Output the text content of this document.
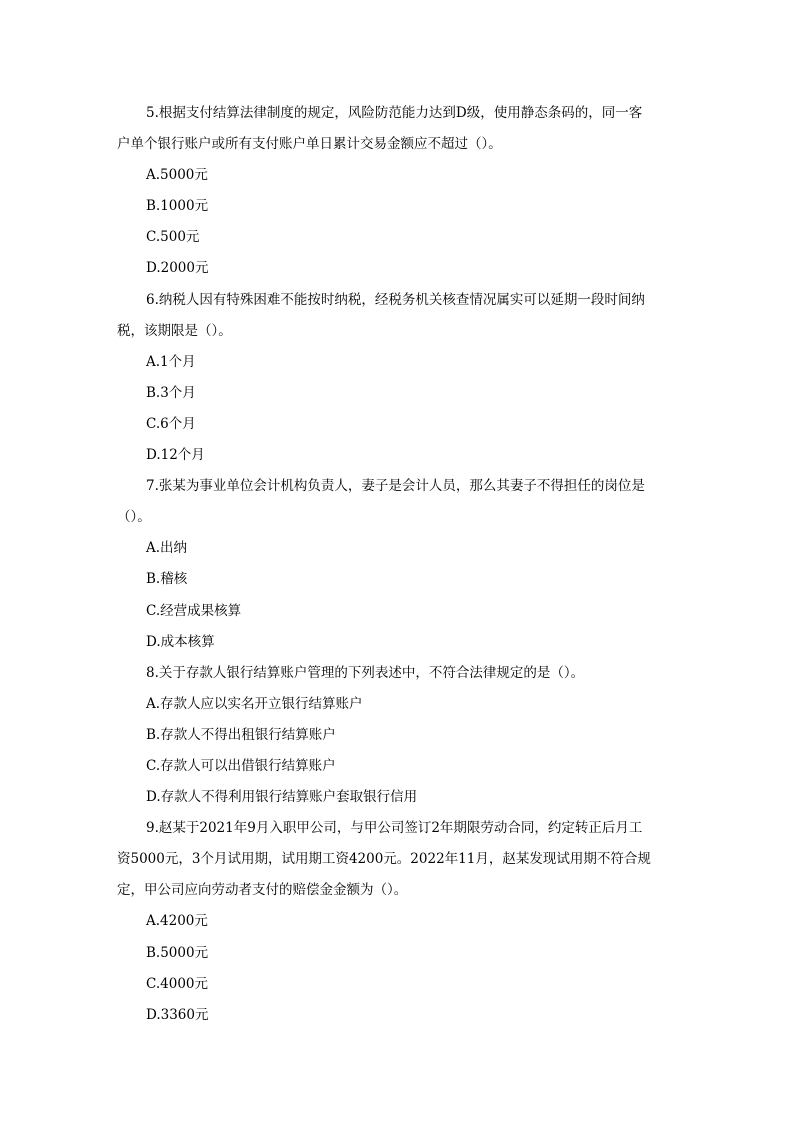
5.根据支付结算法律制度的规定，风险防范能力达到D级，使用静态条码的，同一客
户单个银行账户或所有支付账户单日累计交易金额应不超过（）。
A.5000元
B.1000元
C.500元
D.2000元
6.纳税人因有特殊困难不能按时纳税，经税务机关核查情况属实可以延期一段时间纳
税，该期限是（）。
A.1个月
B.3个月
C.6个月
D.12个月
7.张某为事业单位会计机构负责人，妻子是会计人员，那么其妻子不得担任的岗位是
（）。
A.出纳
B.稽核
C.经营成果核算
D.成本核算
8.关于存款人银行结算账户管理的下列表述中，不符合法律规定的是（）。
A.存款人应以实名开立银行结算账户
B.存款人不得出租银行结算账户
C.存款人可以出借银行结算账户
D.存款人不得利用银行结算账户套取银行信用
9.赵某于2021年9月入职甲公司，与甲公司签订2年期限劳动合同，约定转正后月工
资5000元，3个月试用期，试用期工资4200元。2022年11月，赵某发现试用期不符合规
定，甲公司应向劳动者支付的赔偿金金额为（）。
A.4200元
B.5000元
C.4000元
D.3360元
